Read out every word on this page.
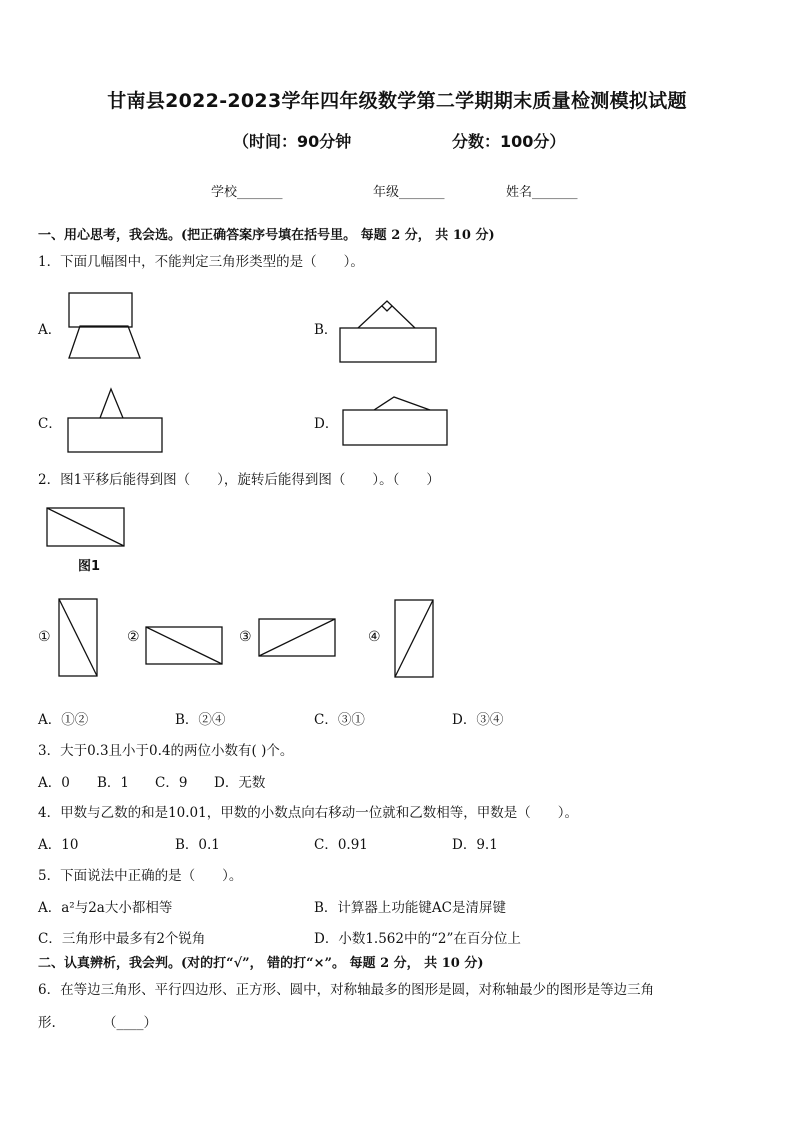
甘南县2022-2023学年四年级数学第二学期期末质量检测模拟试题
（时间：90分钟	分数：100分）
学校_______	年级_______	姓名_______
一、用心思考，我会选。(把正确答案序号填在括号里。 每题 2 分， 共 10 分)
1．下面几幅图中，不能判定三角形类型的是（　　）。
A．	B．
C．	D．
2．图1平移后能得到图（　　），旋转后能得到图（　　）。（　　）
图1
①	②	③	④
A．①②	B．②④	C．③①	D．③④
3．大于0.3且小于0.4的两位小数有( )个。
A．0 B．1 C．9 D．无数
4．甲数与乙数的和是10.01，甲数的小数点向右移动一位就和乙数相等，甲数是（　　）。
A．10	B．0.1	C．0.91	D．9.1
5．下面说法中正确的是（　　）。
A．a²与2a大小都相等	B．计算器上功能键AC是清屏键
C．三角形中最多有2个锐角	D．小数1.562中的“2”在百分位上
二、认真辨析，我会判。(对的打“√”， 错的打“×”。 每题 2 分， 共 10 分)
6．在等边三角形、平行四边形、正方形、圆中，对称轴最多的图形是圆，对称轴最少的图形是等边三角
形.　　　　（____）
